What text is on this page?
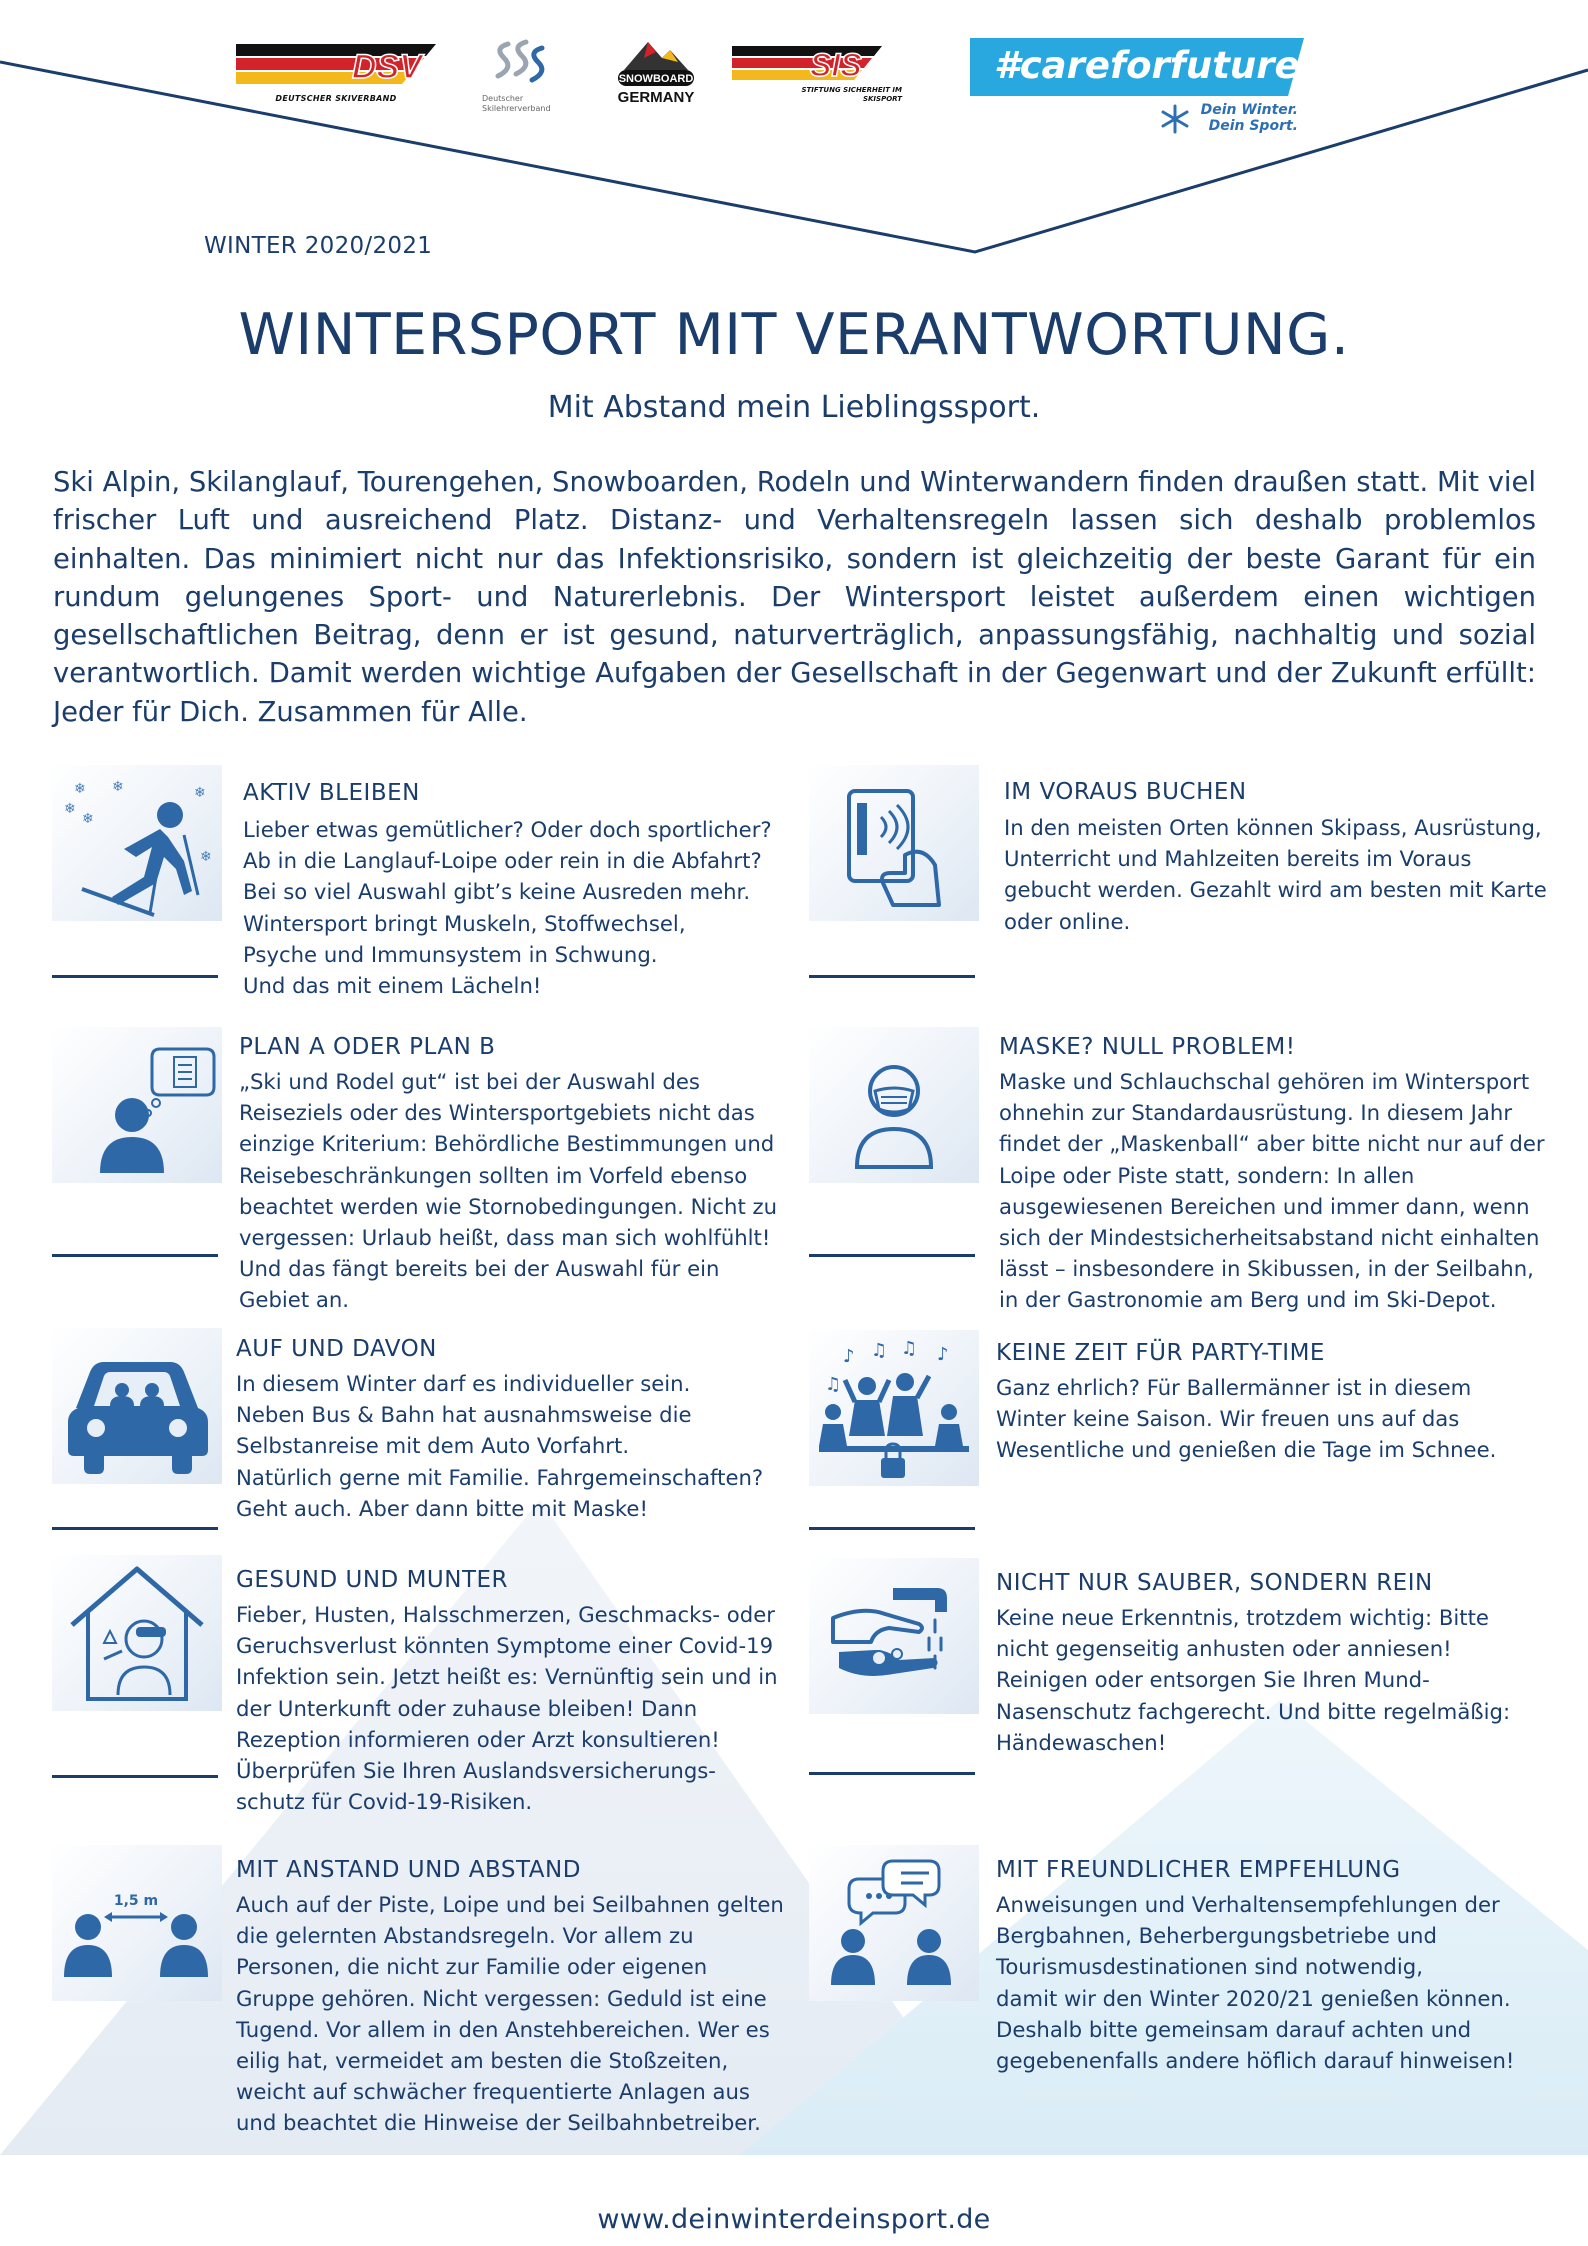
DSV
DEUTSCHER SKIVERBAND	Deutscher Skilehrerverband
SNOWBOARD
GERMANY
SIS
STIFTUNG SICHERHEIT IM SKISPORT
#careforfuture
Dein Winter. Dein Sport.
WINTER 2020/2021
WINTERSPORT MIT VERANTWORTUNG.
Mit Abstand mein Lieblingssport.
Ski Alpin, Skilanglauf, Tourengehen, Snowboarden, Rodeln und Winterwandern finden draußen statt. Mit viel frischer Luft und ausreichend Platz. Distanz- und Verhaltensregeln lassen sich deshalb problemlos einhalten. Das minimiert nicht nur das Infektionsrisiko, sondern ist gleichzeitig der beste Garant für ein rundum gelungenes Sport- und Naturerlebnis. Der Wintersport leistet außerdem einen wichtigen gesellschaftlichen Beitrag, denn er ist gesund, naturverträglich, anpassungsfähig, nachhaltig und sozial verantwortlich. Damit werden wichtige Aufgaben der Gesellschaft in der Gegenwart und der Zukunft erfüllt: Jeder für Dich. Zusammen für Alle.
❄ ❄
❄
❄
❄
❄
AKTIV BLEIBEN
Lieber etwas gemütlicher? Oder doch sportlicher?
Ab in die Langlauf-Loipe oder rein in die Abfahrt?
Bei so viel Auswahl gibt’s keine Ausreden mehr.
Wintersport bringt Muskeln, Stoffwechsel,
Psyche und Immunsystem in Schwung.
Und das mit einem Lächeln!
IM VORAUS BUCHEN
In den meisten Orten können Skipass, Ausrüstung,
Unterricht und Mahlzeiten bereits im Voraus
gebucht werden. Gezahlt wird am besten mit Karte
oder online.
PLAN A ODER PLAN B
„Ski und Rodel gut“ ist bei der Auswahl des
Reiseziels oder des Wintersportgebiets nicht das
einzige Kriterium: Behördliche Bestimmungen und
Reisebeschränkungen sollten im Vorfeld ebenso
beachtet werden wie Stornobedingungen. Nicht zu
vergessen: Urlaub heißt, dass man sich wohlfühlt!
Und das fängt bereits bei der Auswahl für ein
Gebiet an.
MASKE? NULL PROBLEM!
Maske und Schlauchschal gehören im Wintersport
ohnehin zur Standardausrüstung. In diesem Jahr
findet der „Maskenball“ aber bitte nicht nur auf der
Loipe oder Piste statt, sondern: In allen
ausgewiesenen Bereichen und immer dann, wenn
sich der Mindestsicherheitsabstand nicht einhalten
lässt – insbesondere in Skibussen, in der Seilbahn,
in der Gastronomie am Berg und im Ski-Depot.
AUF UND DAVON
In diesem Winter darf es individueller sein.
Neben Bus & Bahn hat ausnahmsweise die
Selbstanreise mit dem Auto Vorfahrt.
Natürlich gerne mit Familie. Fahrgemeinschaften?
Geht auch. Aber dann bitte mit Maske!
♪ ♫ ♫ ♪
♫
KEINE ZEIT FÜR PARTY-TIME
Ganz ehrlich? Für Ballermänner ist in diesem
Winter keine Saison. Wir freuen uns auf das
Wesentliche und genießen die Tage im Schnee.
GESUND UND MUNTER
Fieber, Husten, Halsschmerzen, Geschmacks- oder
Geruchsverlust könnten Symptome einer Covid-19
Infektion sein. Jetzt heißt es: Vernünftig sein und in
der Unterkunft oder zuhause bleiben! Dann
Rezeption informieren oder Arzt konsultieren!
Überprüfen Sie Ihren Auslandsversicherungs-
schutz für Covid-19-Risiken.
NICHT NUR SAUBER, SONDERN REIN
Keine neue Erkenntnis, trotzdem wichtig: Bitte
nicht gegenseitig anhusten oder anniesen!
Reinigen oder entsorgen Sie Ihren Mund-
Nasenschutz fachgerecht. Und bitte regelmäßig:
Händewaschen!
1,5 m
MIT ANSTAND UND ABSTAND
Auch auf der Piste, Loipe und bei Seilbahnen gelten
die gelernten Abstandsregeln. Vor allem zu
Personen, die nicht zur Familie oder eigenen
Gruppe gehören. Nicht vergessen: Geduld ist eine
Tugend. Vor allem in den Anstehbereichen. Wer es
eilig hat, vermeidet am besten die Stoßzeiten,
weicht auf schwächer frequentierte Anlagen aus
und beachtet die Hinweise der Seilbahnbetreiber.
MIT FREUNDLICHER EMPFEHLUNG
Anweisungen und Verhaltensempfehlungen der
Bergbahnen, Beherbergungsbetriebe und
Tourismusdestinationen sind notwendig,
damit wir den Winter 2020/21 genießen können.
Deshalb bitte gemeinsam darauf achten und
gegebenenfalls andere höflich darauf hinweisen!
www.deinwinterdeinsport.de
